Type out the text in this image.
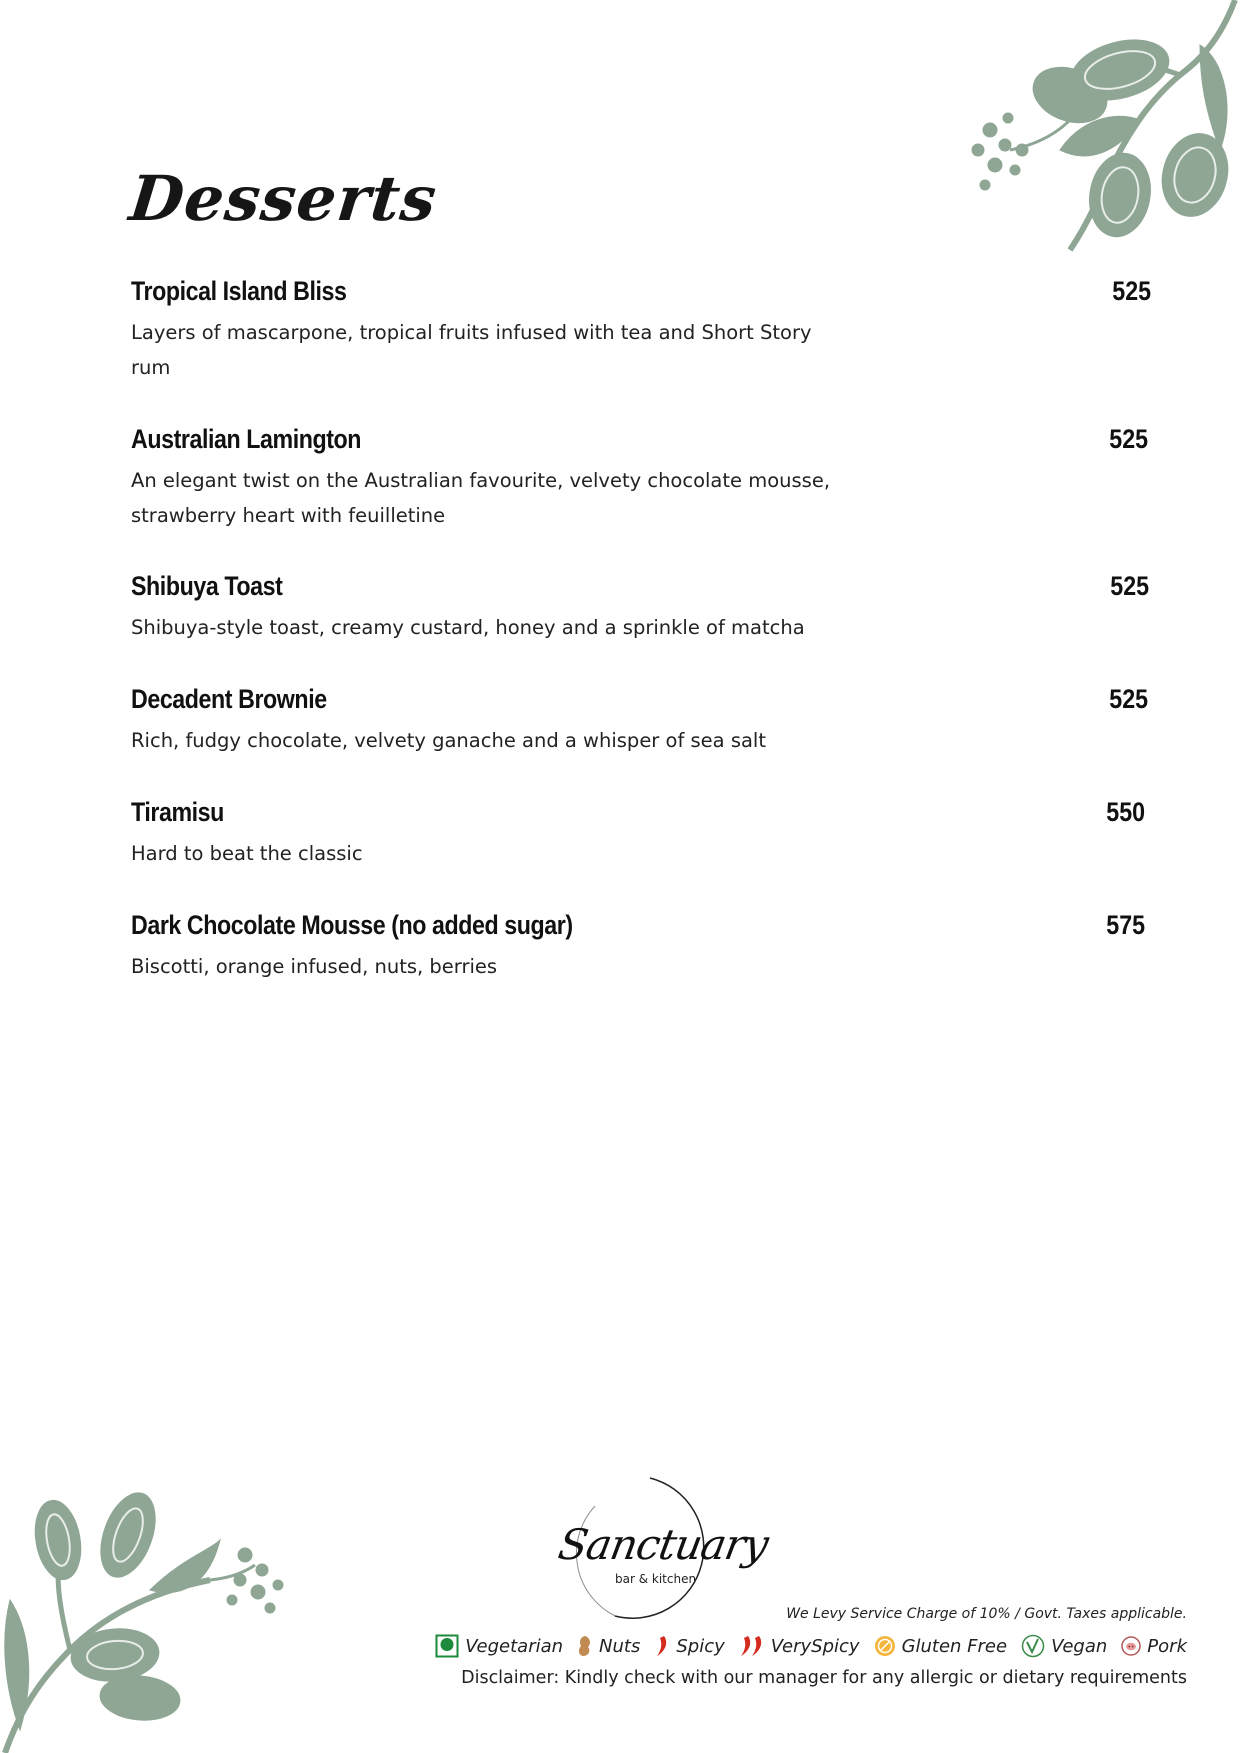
Desserts
Tropical Island Bliss	525
Layers of mascarpone, tropical fruits infused with tea and Short Story rum
Australian Lamington	525
An elegant twist on the Australian favourite, velvety chocolate mousse,
strawberry heart with feuilletine
Shibuya Toast	525
Shibuya-style toast, creamy custard, honey and a sprinkle of matcha
Decadent Brownie	525
Rich, fudgy chocolate, velvety ganache and a whisper of sea salt
Tiramisu	550
Hard to beat the classic
Dark Chocolate Mousse (no added sugar)	575
Biscotti, orange infused, nuts, berries
Sanctuary
bar & kitchen
We Levy Service Charge of 10% / Govt. Taxes applicable.
Vegetarian Nuts Spicy	VerySpicy Gluten Free Vegan Pork
Disclaimer: Kindly check with our manager for any allergic or dietary requirements
